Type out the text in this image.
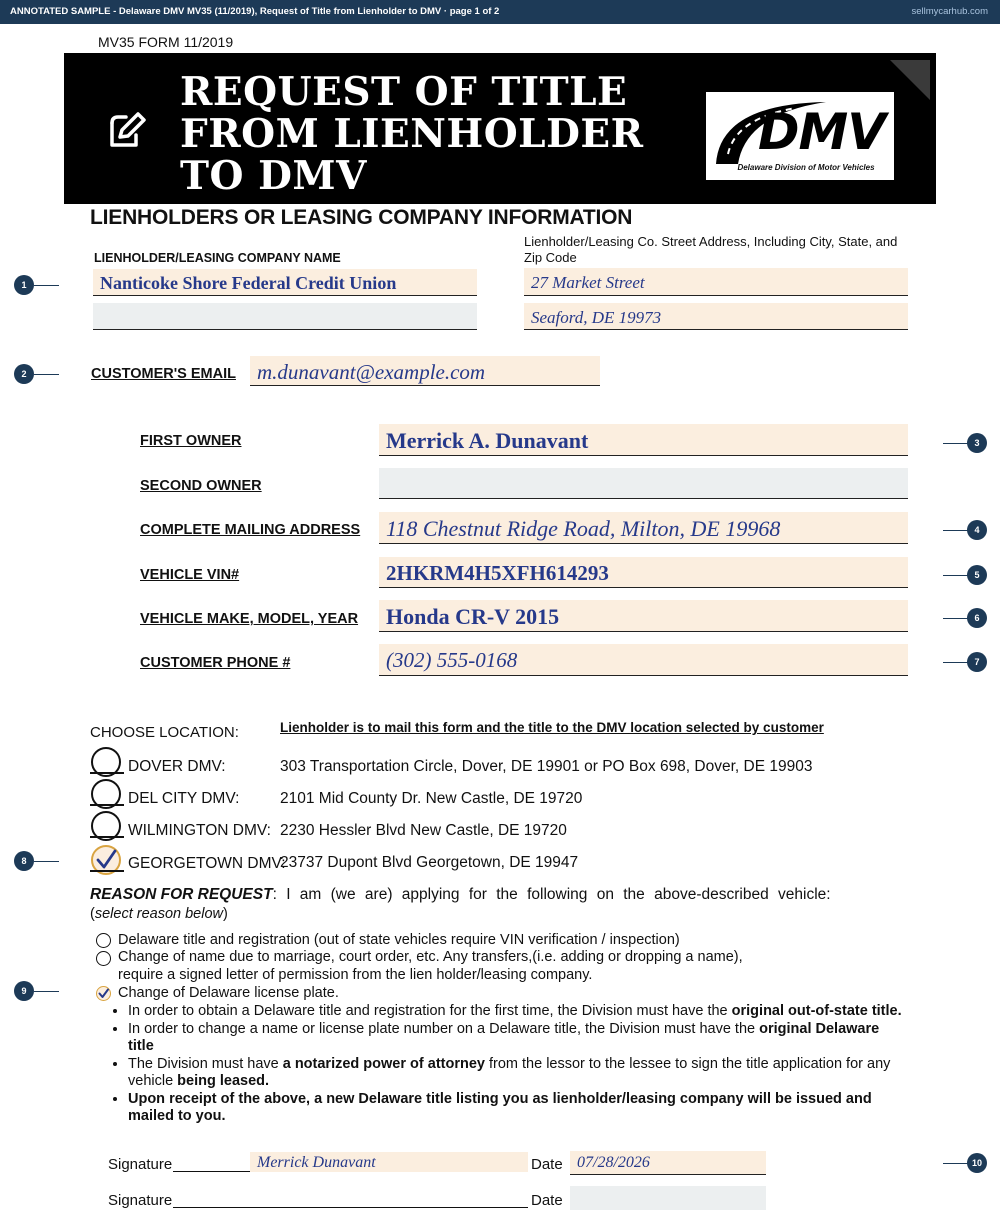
ANNOTATED SAMPLE - Delaware DMV MV35 (11/2019), Request of Title from Lienholder to DMV · page 1 of 2	sellmycarhub.com
MV35 FORM 11/2019
REQUEST OF TITLE
FROM LIENHOLDER
TO DMV
DMV
Delaware Division of Motor Vehicles
LIENHOLDERS OR LEASING COMPANY INFORMATION
LIENHOLDER/LEASING COMPANY NAME
Nanticoke Shore Federal Credit Union
Lienholder/Leasing Co. Street Address, Including City, State, and Zip Code
27 Market Street
Seaford, DE 19973
CUSTOMER'S EMAIL m.dunavant@example.com
FIRST OWNER	Merrick A. Dunavant
SECOND OWNER
COMPLETE MAILING ADDRESS 118 Chestnut Ridge Road, Milton, DE 19968
VEHICLE VIN#	2HKRM4H5XFH614293
VEHICLE MAKE, MODEL, YEAR Honda CR-V 2015
CUSTOMER PHONE #	(302) 555-0168
CHOOSE LOCATION:	Lienholder is to mail this form and the title to the DMV location selected by customer
DOVER DMV:	303 Transportation Circle, Dover, DE 19901 or PO Box 698, Dover, DE 19903
DEL CITY DMV:	2101 Mid County Dr. New Castle, DE 19720
WILMINGTON DMV: 2230 Hessler Blvd New Castle, DE 19720
GEORGETOWN DMV:
23737 Dupont Blvd Georgetown, DE 19947
REASON FOR REQUEST: I am (we are) applying for the following on the above-described vehicle:
(select reason below)
Delaware title and registration (out of state vehicles require VIN verification / inspection)
Change of name due to marriage, court order, etc. Any transfers,(i.e. adding or dropping a name),
require a signed letter of permission from the lien holder/leasing company.
Change of Delaware license plate.
• In order to obtain a Delaware title and registration for the first time, the Division must have the original out-of-state title.
• In order to change a name or license plate number on a Delaware title, the Division must have the original Delaware title
• The Division must have a notarized power of attorney from the lessor to the lessee to sign the title application for any vehicle being leased.
• Upon receipt of the above, a new Delaware title listing you as lienholder/leasing company will be issued and mailed to you.
Signature	Merrick Dunavant	Date 07/28/2026
Signature	Date
1
2
8
9
3
4
5
6
7
10
